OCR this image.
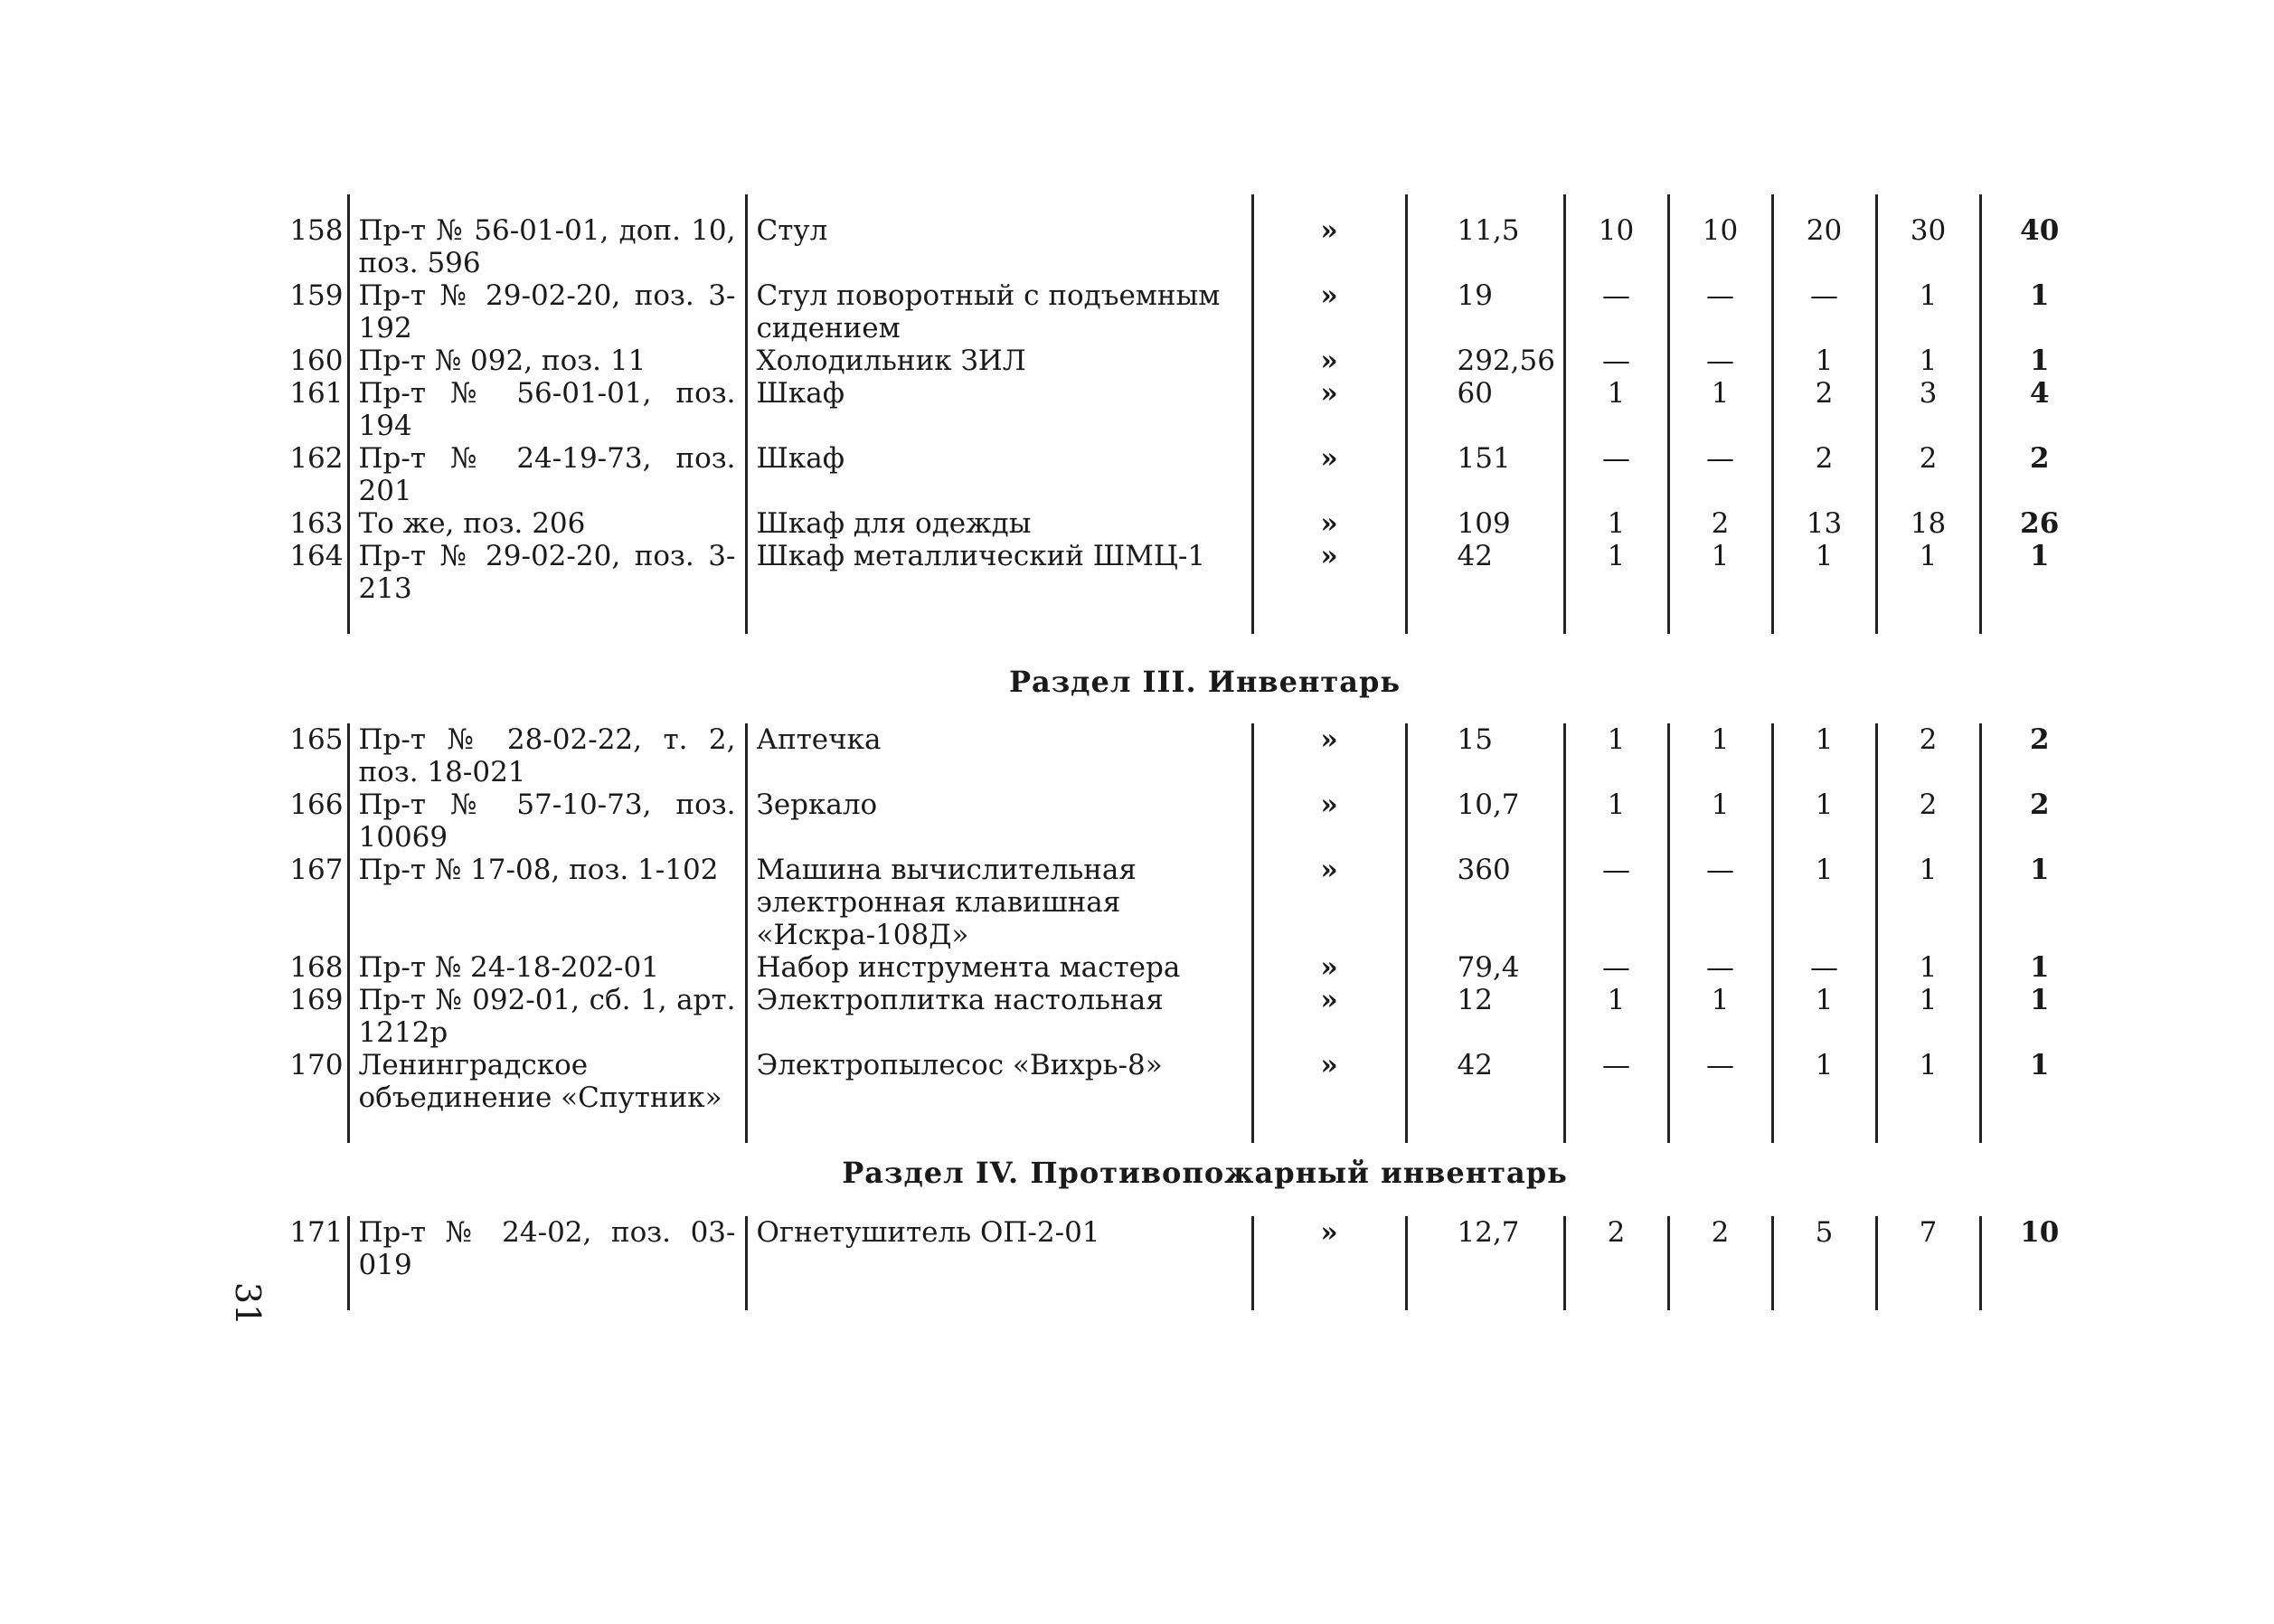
158	Пр-т № 56-01-01, доп. 10, поз. 596	Стул	»	11,5	10	10	20	30	40
159	Пр-т № 29-02-20, поз. 3-192	Стул поворотный с подъемным сидением	»	19	—	—	—	1	1
160	Пр-т № 092, поз. 11	Холодильник ЗИЛ	»	292,56	—	—	1	1	1
161	Пр-т № 56-01-01, поз. 194	Шкаф	»	60	1	1	2	3	4
162	Пр-т № 24-19-73, поз. 201	Шкаф	»	151	—	—	2	2	2
163	То же, поз. 206	Шкаф для одежды	»	109	1	2	13	18	26
164	Пр-т № 29-02-20, поз. 3-213	Шкаф металлический ШМЦ-1	»	42	1	1	1	1	1

Раздел III. Инвентарь
165	Пр-т № 28-02-22, т. 2, поз. 18-021	Аптечка	»	15	1	1	1	2	2
166	Пр-т № 57-10-73, поз. 10069	Зеркало	»	10,7	1	1	1	2	2
167	Пр-т № 17-08, поз. 1-102	Машина вычислительная электронная клавишная «Искра-108Д»	»	360	—	—	1	1	1
168	Пр-т № 24-18-202-01	Набор инструмента мастера	»	79,4	—	—	—	1	1
169	Пр-т № 092-01, сб. 1, арт. 1212р	Электроплитка настольная	»	12	1	1	1	1	1
170	Ленинградское объединение «Спутник»	Электропылесос «Вихрь-8»	»	42	—	—	1	1	1

Раздел IV. Противопожарный инвентарь
171	Пр-т № 24-02, поз. 03-019	Огнетушитель ОП-2-01	»	12,7	2	2	5	7	10

31
